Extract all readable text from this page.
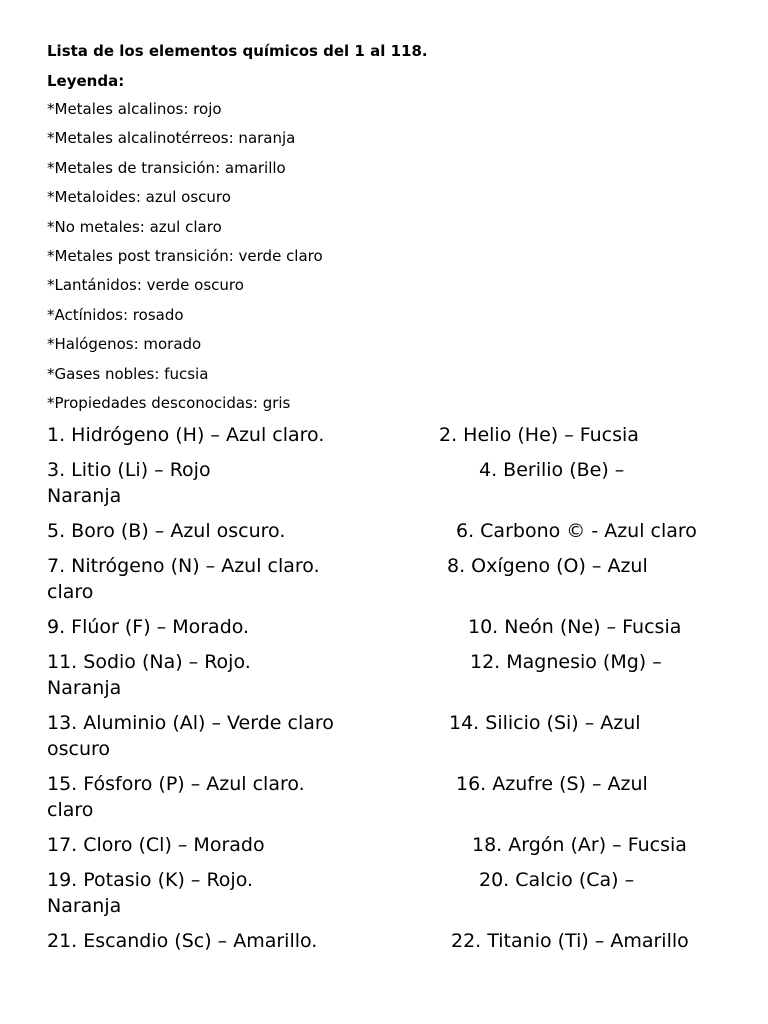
Lista de los elementos químicos del 1 al 118.
Leyenda:
*Metales alcalinos: rojo
*Metales alcalinotérreos: naranja
*Metales de transición: amarillo
*Metaloides: azul oscuro
*No metales: azul claro
*Metales post transición: verde claro
*Lantánidos: verde oscuro
*Actínidos: rosado
*Halógenos: morado
*Gases nobles: fucsia
*Propiedades desconocidas: gris
1. Hidrógeno (H) – Azul claro.	2. Helio (He) – Fucsia
3. Litio (Li) – Rojo	4. Berilio (Be) –
Naranja
5. Boro (B) – Azul oscuro.	6. Carbono © - Azul claro
7. Nitrógeno (N) – Azul claro.	8. Oxígeno (O) – Azul
claro
9. Flúor (F) – Morado.	10. Neón (Ne) – Fucsia
11. Sodio (Na) – Rojo.	12. Magnesio (Mg) –
Naranja
13. Aluminio (Al) – Verde claro	14. Silicio (Si) – Azul
oscuro
15. Fósforo (P) – Azul claro.	16. Azufre (S) – Azul
claro
17. Cloro (Cl) – Morado	18. Argón (Ar) – Fucsia
19. Potasio (K) – Rojo.	20. Calcio (Ca) –
Naranja
21. Escandio (Sc) – Amarillo.	22. Titanio (Ti) – Amarillo
